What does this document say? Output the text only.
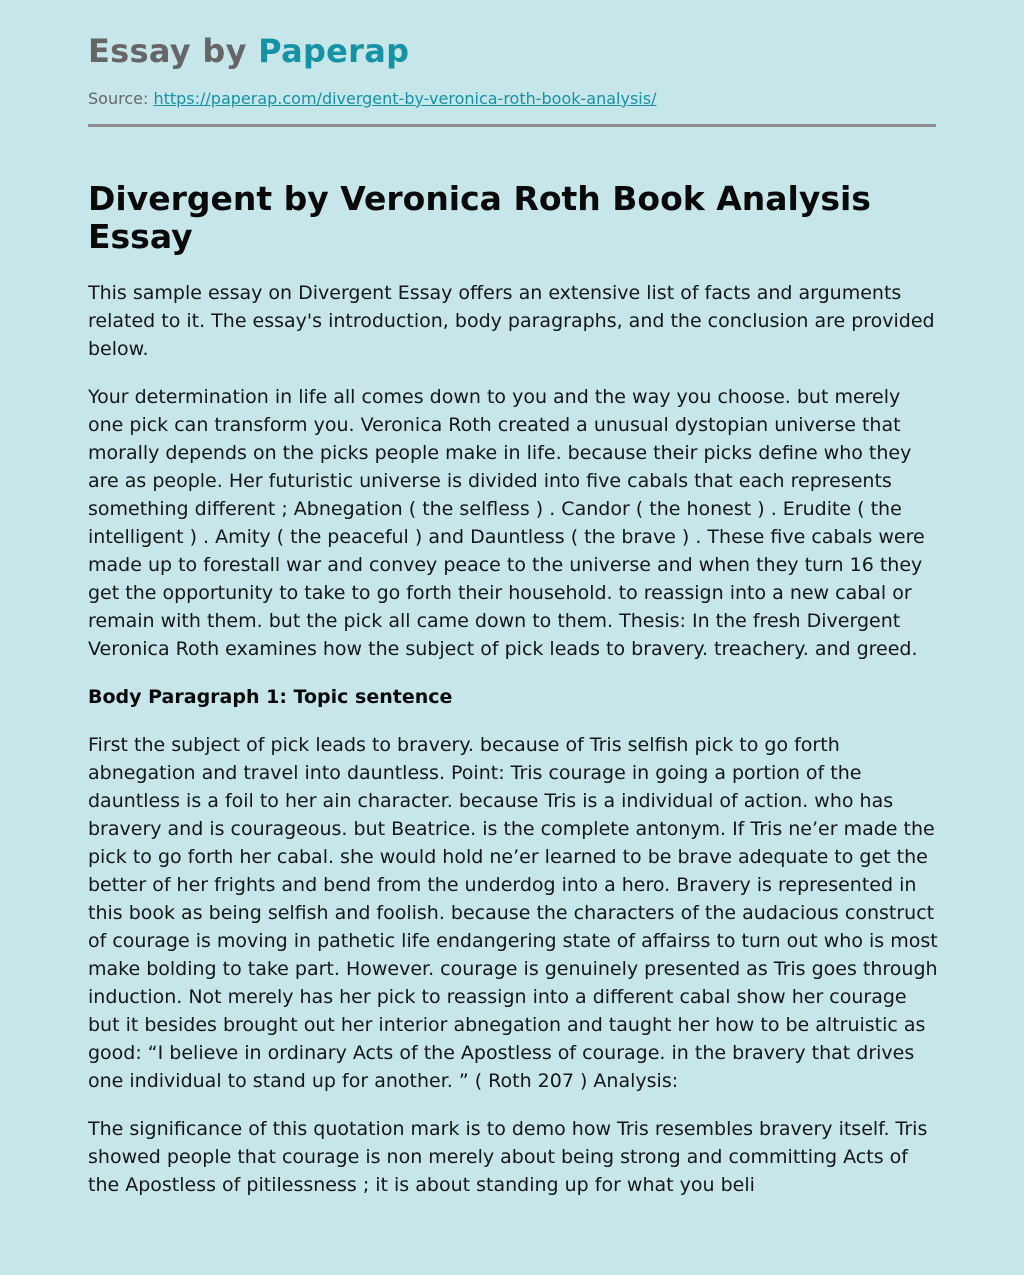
Essay by Paperap
Source: https://paperap.com/divergent-by-veronica-roth-book-analysis/
Divergent by Veronica Roth Book Analysis Essay

This sample essay on Divergent Essay offers an extensive list of facts and arguments related to it. The essay's introduction, body paragraphs, and the conclusion are provided below.

Your determination in life all comes down to you and the way you choose. but merely one pick can transform you. Veronica Roth created a unusual dystopian universe that morally depends on the picks people make in life. because their picks define who they are as people. Her futuristic universe is divided into five cabals that each represents something different ; Abnegation ( the selfless ) . Candor ( the honest ) . Erudite ( the intelligent ) . Amity ( the peaceful ) and Dauntless ( the brave ) . These five cabals were made up to forestall war and convey peace to the universe and when they turn 16 they get the opportunity to take to go forth their household. to reassign into a new cabal or remain with them. but the pick all came down to them. Thesis: In the fresh Divergent Veronica Roth examines how the subject of pick leads to bravery. treachery. and greed.

Body Paragraph 1: Topic sentence

First the subject of pick leads to bravery. because of Tris selfish pick to go forth abnegation and travel into dauntless. Point: Tris courage in going a portion of the dauntless is a foil to her ain character. because Tris is a individual of action. who has bravery and is courageous. but Beatrice. is the complete antonym. If Tris ne’er made the pick to go forth her cabal. she would hold ne’er learned to be brave adequate to get the better of her frights and bend from the underdog into a hero. Bravery is represented in this book as being selfish and foolish. because the characters of the audacious construct of courage is moving in pathetic life endangering state of affairss to turn out who is most make bolding to take part. However. courage is genuinely presented as Tris goes through induction. Not merely has her pick to reassign into a different cabal show her courage but it besides brought out her interior abnegation and taught her how to be altruistic as good: “I believe in ordinary Acts of the Apostless of courage. in the bravery that drives one individual to stand up for another. ” ( Roth 207 ) Analysis:

The significance of this quotation mark is to demo how Tris resembles bravery itself. Tris showed people that courage is non merely about being strong and committing Acts of the Apostless of pitilessness ; it is about standing up for what you beli
